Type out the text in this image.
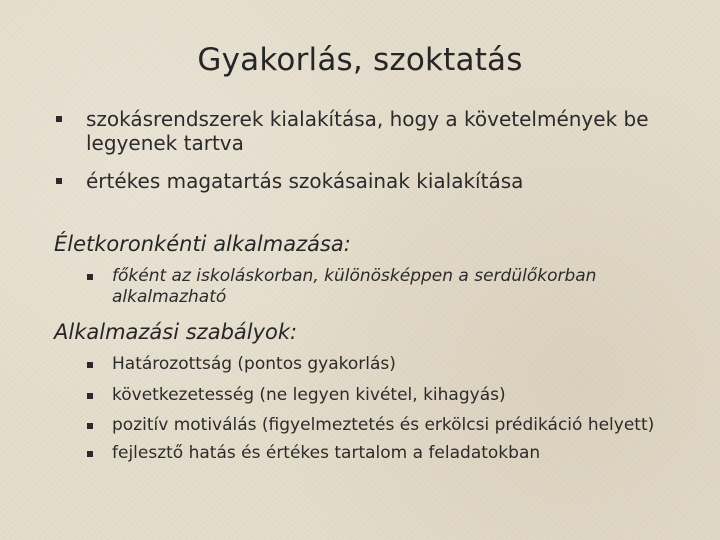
Gyakorlás, szoktatás
szokásrendszerek kialakítása, hogy a követelmények be legyenek tartva
értékes magatartás szokásainak kialakítása
Életkoronkénti alkalmazása:
főként az iskoláskorban, különösképpen a serdülőkorban alkalmazható
Alkalmazási szabályok:
Határozottság (pontos gyakorlás)
következetesség (ne legyen kivétel, kihagyás)
pozitív motiválás (figyelmeztetés és erkölcsi prédikáció helyett)
fejlesztő hatás és értékes tartalom a feladatokban
